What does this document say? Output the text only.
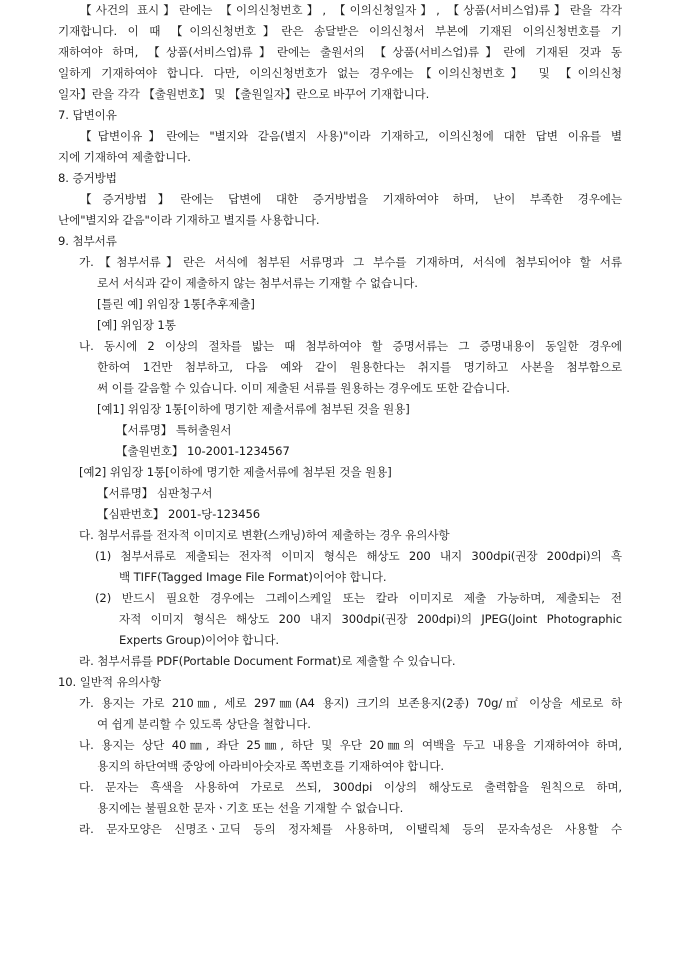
【사건의 표시】란에는 【이의신청번호】, 【이의신청일자】, 【상품(서비스업)류】란을 각각
기재합니다. 이 때 【이의신청번호】란은 송달받은 이의신청서 부본에 기재된 이의신청번호를 기
재하여야 하며, 【상품(서비스업)류】란에는 출원서의 【상품(서비스업)류】란에 기재된 것과 동
일하게 기재하여야 합니다. 다만, 이의신청번호가 없는 경우에는【이의신청번호】 및 【이의신청
일자】란을 각각 【출원번호】 및 【출원일자】란으로 바꾸어 기재합니다.
7. 답변이유
【답변이유】란에는 "별지와 같음(별지 사용)"이라 기재하고, 이의신청에 대한 답변 이유를 별
지에 기재하여 제출합니다.
8. 증거방법
【증거방법】란에는 답변에 대한 증거방법을 기재하여야 하며, 난이 부족한 경우에는
난에"별지와 같음"이라 기재하고 별지를 사용합니다.
9. 첨부서류
가.【첨부서류】란은 서식에 첨부된 서류명과 그 부수를 기재하며, 서식에 첨부되어야 할 서류
로서 서식과 같이 제출하지 않는 첨부서류는 기재할 수 없습니다.
[틀린 예] 위임장 1통[추후제출]
[예] 위임장 1통
나. 동시에 2 이상의 절차를 밟는 때 첨부하여야 할 증명서류는 그 증명내용이 동일한 경우에
한하여 1건만 첨부하고, 다음 예와 같이 원용한다는 취지를 명기하고 사본을 첨부함으로
써 이를 갈음할 수 있습니다. 이미 제출된 서류를 원용하는 경우에도 또한 같습니다.
[예1] 위임장 1통[이하에 명기한 제출서류에 첨부된 것을 원용]
【서류명】 특허출원서
【출원번호】 10-2001-1234567
[예2] 위임장 1통[이하에 명기한 제출서류에 첨부된 것을 원용]
【서류명】 심판청구서
【심판번호】 2001-당-123456
다. 첨부서류를 전자적 이미지로 변환(스캐닝)하여 제출하는 경우 유의사항
(1) 첨부서류로 제출되는 전자적 이미지 형식은 해상도 200 내지 300dpi(권장 200dpi)의 흑
백 TIFF(Tagged Image File Format)이어야 합니다.
(2) 반드시 필요한 경우에는 그레이스케일 또는 칼라 이미지로 제출 가능하며, 제출되는 전
자적 이미지 형식은 해상도 200 내지 300dpi(권장 200dpi)의 JPEG(Joint Photographic
Experts Group)이어야 합니다.
라. 첨부서류를 PDF(Portable Document Format)로 제출할 수 있습니다.
10. 일반적 유의사항
가. 용지는 가로 210㎜, 세로 297㎜(A4 용지) 크기의 보존용지(2종) 70g/㎡ 이상을 세로로 하
여 쉽게 분리할 수 있도록 상단을 철합니다.
나. 용지는 상단 40㎜, 좌단 25㎜, 하단 및 우단 20㎜의 여백을 두고 내용을 기재하여야 하며,
용지의 하단여백 중앙에 아라비아숫자로 쪽번호를 기재하여야 합니다.
다. 문자는 흑색을 사용하여 가로로 쓰되, 300dpi 이상의 해상도로 출력함을 원칙으로 하며,
용지에는 불필요한 문자ㆍ기호 또는 선을 기재할 수 없습니다.
라. 문자모양은 신명조ㆍ고딕 등의 정자체를 사용하며, 이탤릭체 등의 문자속성은 사용할 수
